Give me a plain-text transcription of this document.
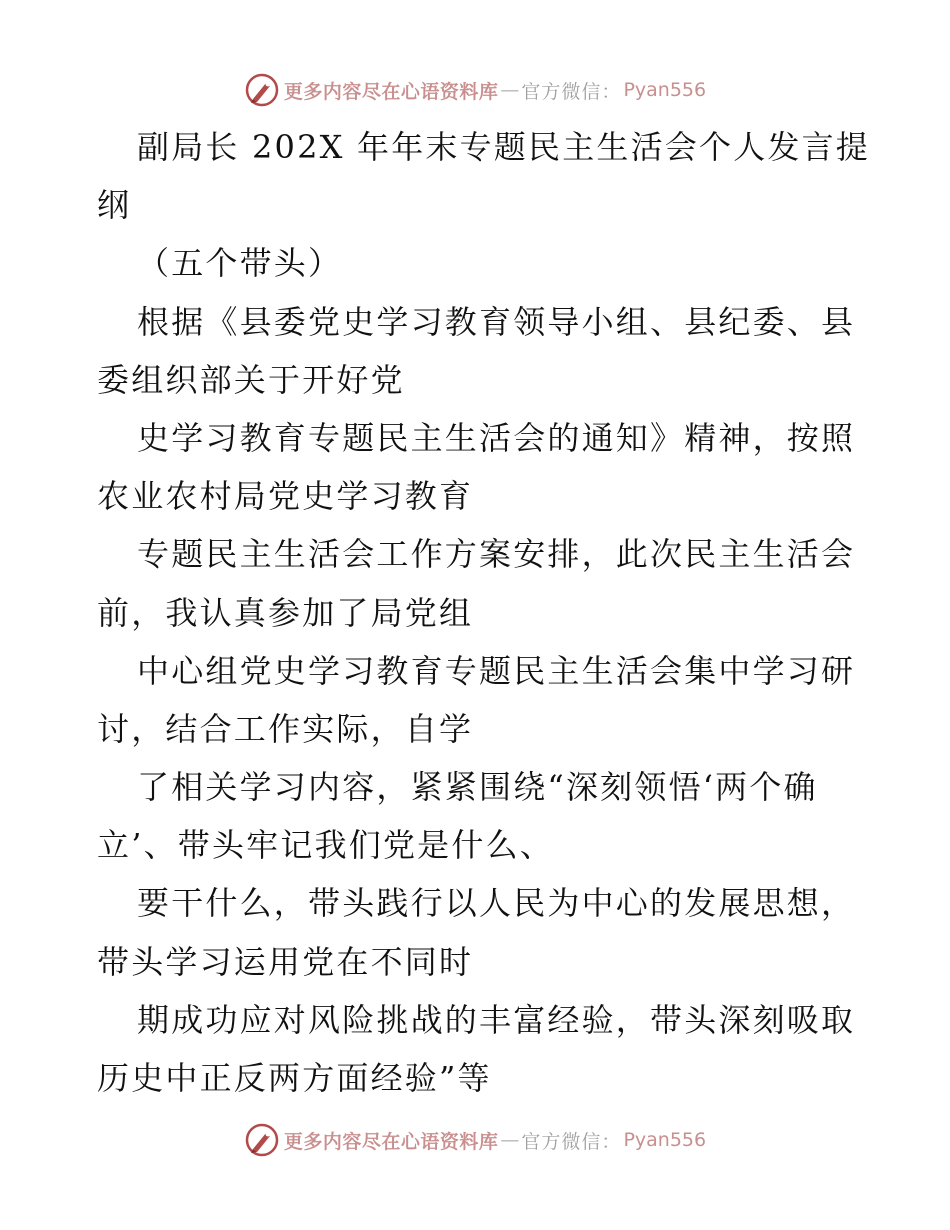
更多内容尽在心语资料库 — 官方微信： Pyan556
副局长 202X 年年末专题民主生活会个人发言提
纲
（五个带头）
根据《县委党史学习教育领导小组、县纪委、县
委组织部关于开好党
史学习教育专题民主生活会的通知》精神，按照
农业农村局党史学习教育
专题民主生活会工作方案安排，此次民主生活会
前，我认真参加了局党组
中心组党史学习教育专题民主生活会集中学习研
讨，结合工作实际，自学
了相关学习内容，紧紧围绕“深刻领悟‘两个确
立’、带头牢记我们党是什么、
要干什么，带头践行以人民为中心的发展思想，
带头学习运用党在不同时
期成功应对风险挑战的丰富经验，带头深刻吸取
历史中正反两方面经验”等
更多内容尽在心语资料库 — 官方微信： Pyan556
